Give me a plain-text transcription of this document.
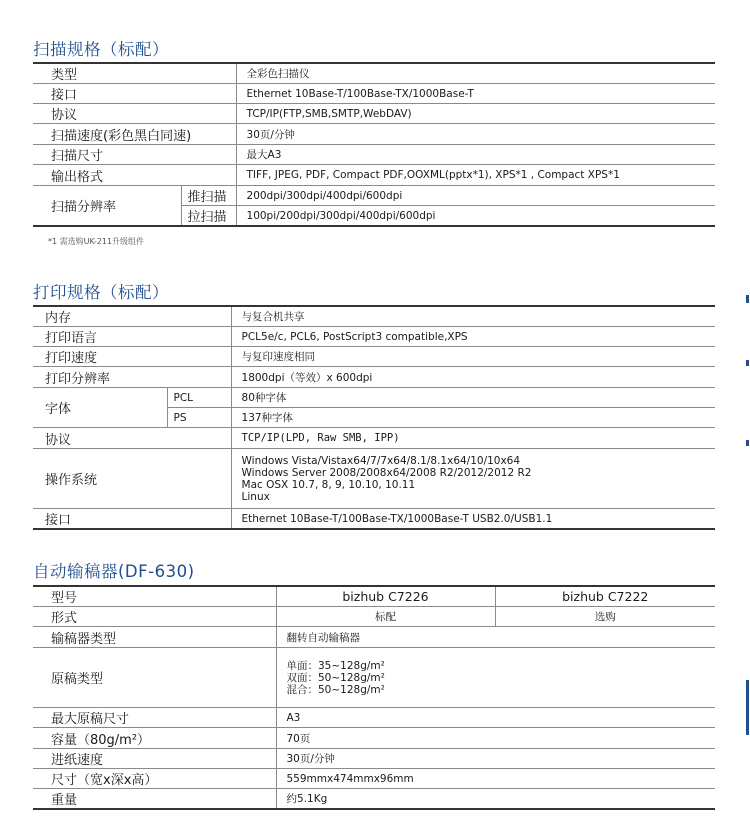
扫描规格（标配）
类型		全彩色扫描仪
接口		Ethernet 10Base-T/100Base-TX/1000Base-T
协议		TCP/IP(FTP,SMB,SMTP,WebDAV)
扫描速度(彩色黑白同速)		30页/分钟
扫描尺寸		最大A3
输出格式		TIFF, JPEG, PDF, Compact PDF,OOXML(pptx*1), XPS*1 , Compact XPS*1
扫描分辨率	推扫描	200dpi/300dpi/400dpi/600dpi
	拉扫描	100pi/200dpi/300dpi/400dpi/600dpi
*1 需选购UK-211升级组件
打印规格（标配）
内存		与复合机共享
打印语言		PCL5e/c, PCL6, PostScript3 compatible,XPS
打印速度		与复印速度相同
打印分辨率		1800dpi（等效）x 600dpi
字体	PCL	80种字体
	PS	137种字体
协议		TCP/IP(LPD, Raw SMB, IPP)
操作系统		Windows Vista/Vistax64/7/7x64/8.1/8.1x64/10/10x64
Windows Server 2008/2008x64/2008 R2/2012/2012 R2
Mac OSX 10.7, 8, 9, 10.10, 10.11
Linux

接口		Ethernet 10Base-T/100Base-TX/1000Base-T USB2.0/USB1.1
自动输稿器(DF-630)
型号	bizhub C7226	bizhub C7222
形式	标配	选购
输稿器类型	翻转自动输稿器	
原稿类型	单面：35~128g/m²
双面：50~128g/m²
混合：50~128g/m²	

最大原稿尺寸	A3	
容量（80g/m²）	70页	
进纸速度	30页/分钟	
尺寸（宽x深x高）	559mmx474mmx96mm	
重量	约5.1Kg	
